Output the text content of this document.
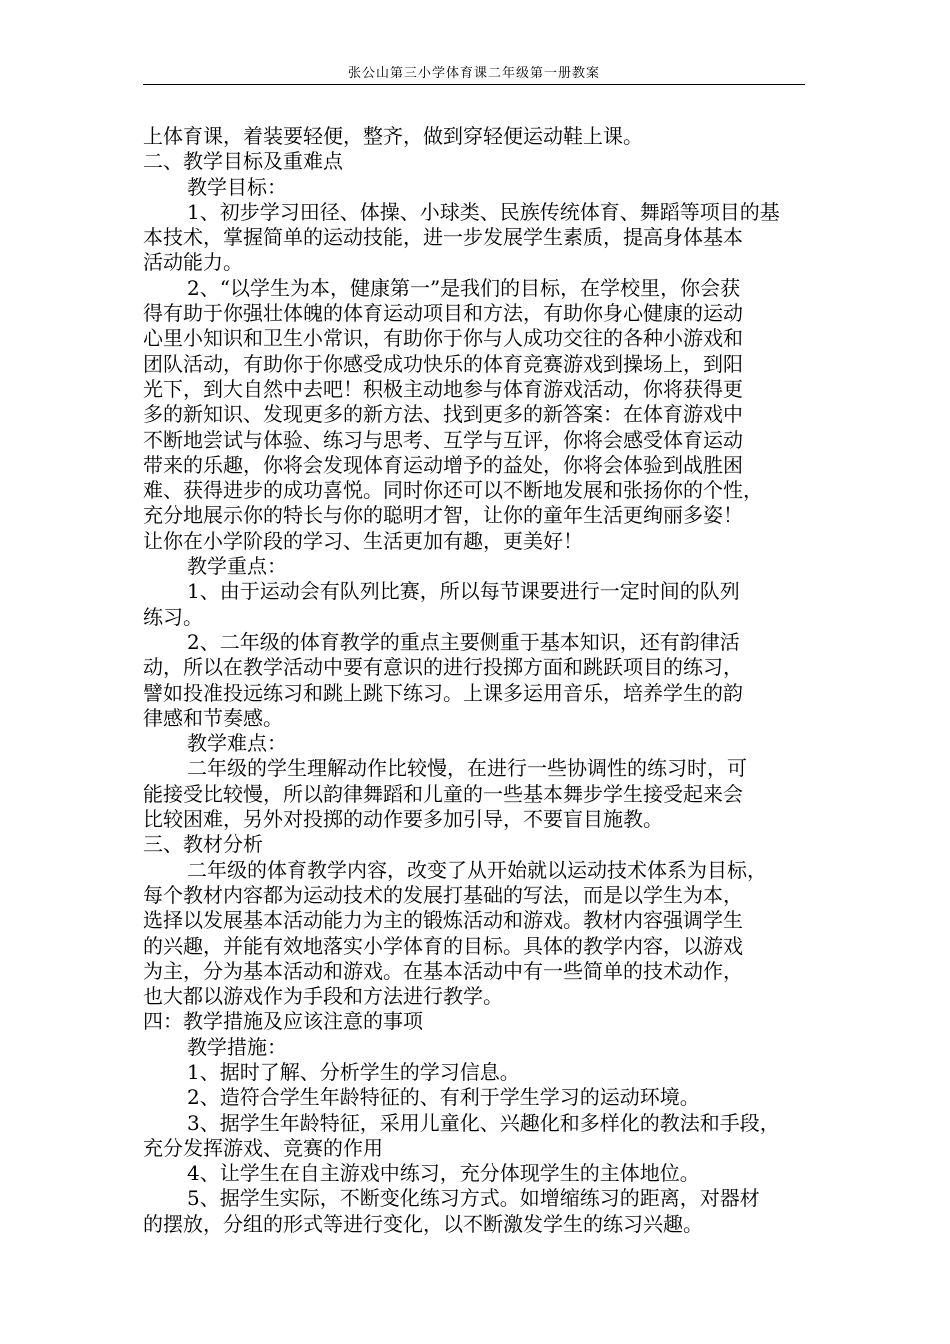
张公山第三小学体育课二年级第一册教案

上体育课，着装要轻便，整齐，做到穿轻便运动鞋上课。

二、教学目标及重难点

教学目标：

1、初步学习田径、体操、小球类、民族传统体育、舞蹈等项目的基

本技术，掌握简单的运动技能，进一步发展学生素质，提高身体基本

活动能力。

2、“以学生为本，健康第一”是我们的目标，在学校里，你会获

得有助于你强壮体魄的体育运动项目和方法，有助你身心健康的运动

心里小知识和卫生小常识，有助你于你与人成功交往的各种小游戏和

团队活动，有助你于你感受成功快乐的体育竞赛游戏到操场上，到阳

光下，到大自然中去吧！积极主动地参与体育游戏活动，你将获得更

多的新知识、发现更多的新方法、找到更多的新答案：在体育游戏中

不断地尝试与体验、练习与思考、互学与互评，你将会感受体育运动

带来的乐趣，你将会发现体育运动增予的益处，你将会体验到战胜困

难、获得进步的成功喜悦。同时你还可以不断地发展和张扬你的个性，

充分地展示你的特长与你的聪明才智，让你的童年生活更绚丽多姿！

让你在小学阶段的学习、生活更加有趣，更美好！

教学重点：

1、由于运动会有队列比赛，所以每节课要进行一定时间的队列

练习。

2、二年级的体育教学的重点主要侧重于基本知识，还有韵律活

动，所以在教学活动中要有意识的进行投掷方面和跳跃项目的练习，

譬如投准投远练习和跳上跳下练习。上课多运用音乐，培养学生的韵

律感和节奏感。

教学难点：

二年级的学生理解动作比较慢，在进行一些协调性的练习时，可

能接受比较慢，所以韵律舞蹈和儿童的一些基本舞步学生接受起来会

比较困难，另外对投掷的动作要多加引导，不要盲目施教。

三、教材分析

二年级的体育教学内容，改变了从开始就以运动技术体系为目标，

每个教材内容都为运动技术的发展打基础的写法，而是以学生为本，

选择以发展基本活动能力为主的锻炼活动和游戏。教材内容强调学生

的兴趣，并能有效地落实小学体育的目标。具体的教学内容，以游戏

为主，分为基本活动和游戏。在基本活动中有一些简单的技术动作，

也大都以游戏作为手段和方法进行教学。

四：教学措施及应该注意的事项

教学措施：

1、据时了解、分析学生的学习信息。

2、造符合学生年龄特征的、有利于学生学习的运动环境。

3、据学生年龄特征，采用儿童化、兴趣化和多样化的教法和手段，

充分发挥游戏、竞赛的作用

4、让学生在自主游戏中练习，充分体现学生的主体地位。

5、据学生实际，不断变化练习方式。如增缩练习的距离，对器材

的摆放，分组的形式等进行变化，以不断激发学生的练习兴趣。
